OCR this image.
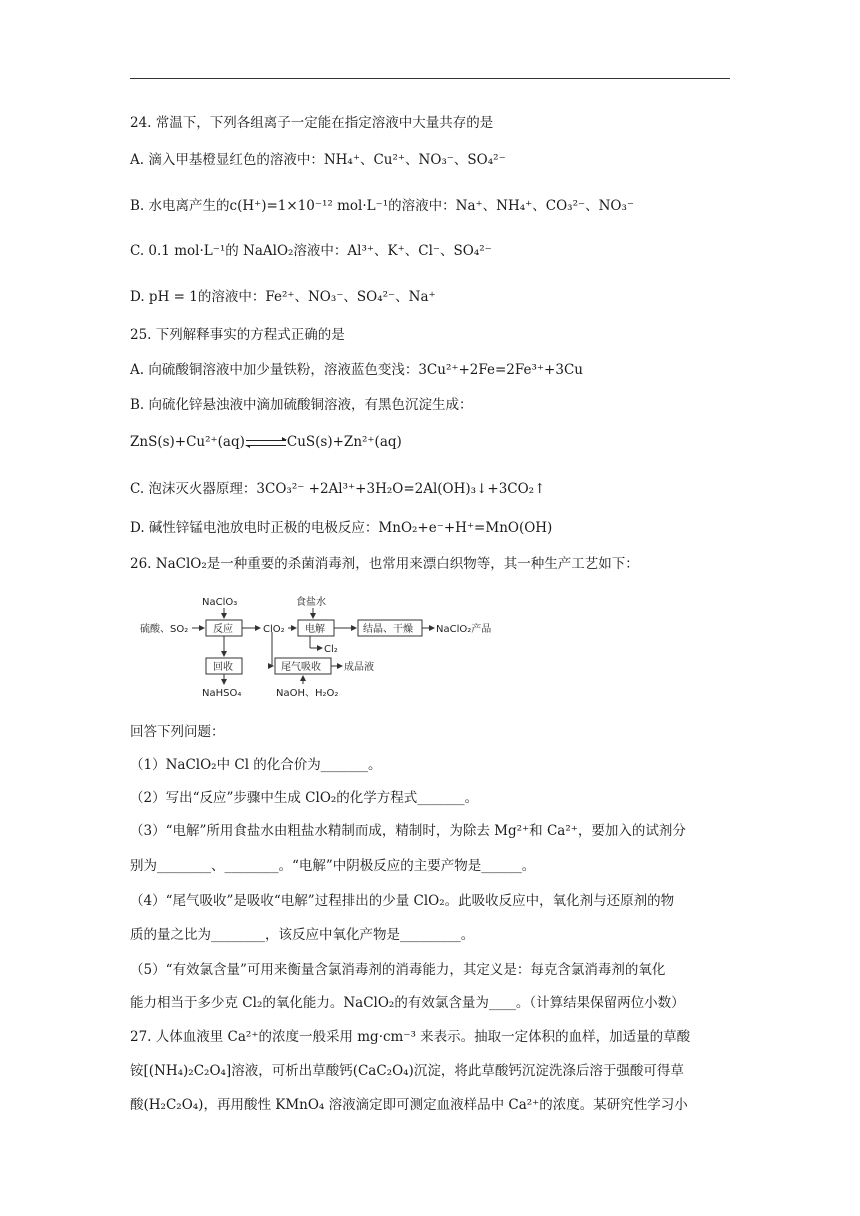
24. 常温下，下列各组离子一定能在指定溶液中大量共存的是
A. 滴入甲基橙显红色的溶液中：NH₄⁺、Cu²⁺、NO₃⁻、SO₄²⁻
B. 水电离产生的c(H⁺)=1×10⁻¹² mol·L⁻¹的溶液中：Na⁺、NH₄⁺、CO₃²⁻、NO₃⁻
C. 0.1 mol·L⁻¹的 NaAlO₂溶液中：Al³⁺、K⁺、Cl⁻、SO₄²⁻
D. pH = 1的溶液中：Fe²⁺、NO₃⁻、SO₄²⁻、Na⁺
25. 下列解释事实的方程式正确的是
A. 向硫酸铜溶液中加少量铁粉，溶液蓝色变浅：3Cu²⁺+2Fe=2Fe³⁺+3Cu
B. 向硫化锌悬浊液中滴加硫酸铜溶液，有黑色沉淀生成：
ZnS(s)+Cu²⁺(aq)	CuS(s)+Zn²⁺(aq)
C. 泡沫灭火器原理：3CO₃²⁻ +2Al³⁺+3H₂O=2Al(OH)₃↓+3CO₂↑
D. 碱性锌锰电池放电时正极的电极反应：MnO₂+e⁻+H⁺=MnO(OH)
26. NaClO₂是一种重要的杀菌消毒剂，也常用来漂白织物等，其一种生产工艺如下：
NaClO₃	食盐水
硫酸、SO₂ 反应	ClO₂ 电解	结晶、干燥 NaClO₂产品
Cl₂
回收
NaHSO₄
尾气吸收 成品液
NaOH、H₂O₂
回答下列问题：
（1）NaClO₂中 Cl 的化合价为_______。
（2）写出“反应”步骤中生成 ClO₂的化学方程式_______。
（3）“电解”所用食盐水由粗盐水精制而成，精制时，为除去 Mg²⁺和 Ca²⁺，要加入的试剂分
别为________、________。“电解”中阴极反应的主要产物是______。
（4）“尾气吸收”是吸收“电解”过程排出的少量 ClO₂。此吸收反应中，氧化剂与还原剂的物
质的量之比为________，该反应中氧化产物是_________。
（5）“有效氯含量”可用来衡量含氯消毒剂的消毒能力，其定义是：每克含氯消毒剂的氧化
能力相当于多少克 Cl₂的氧化能力。NaClO₂的有效氯含量为____。（计算结果保留两位小数）
27. 人体血液里 Ca²⁺的浓度一般采用 mg·cm⁻³ 来表示。抽取一定体积的血样，加适量的草酸
铵[(NH₄)₂C₂O₄]溶液，可析出草酸钙(CaC₂O₄)沉淀，将此草酸钙沉淀洗涤后溶于强酸可得草
酸(H₂C₂O₄)，再用酸性 KMnO₄ 溶液滴定即可测定血液样品中 Ca²⁺的浓度。某研究性学习小
